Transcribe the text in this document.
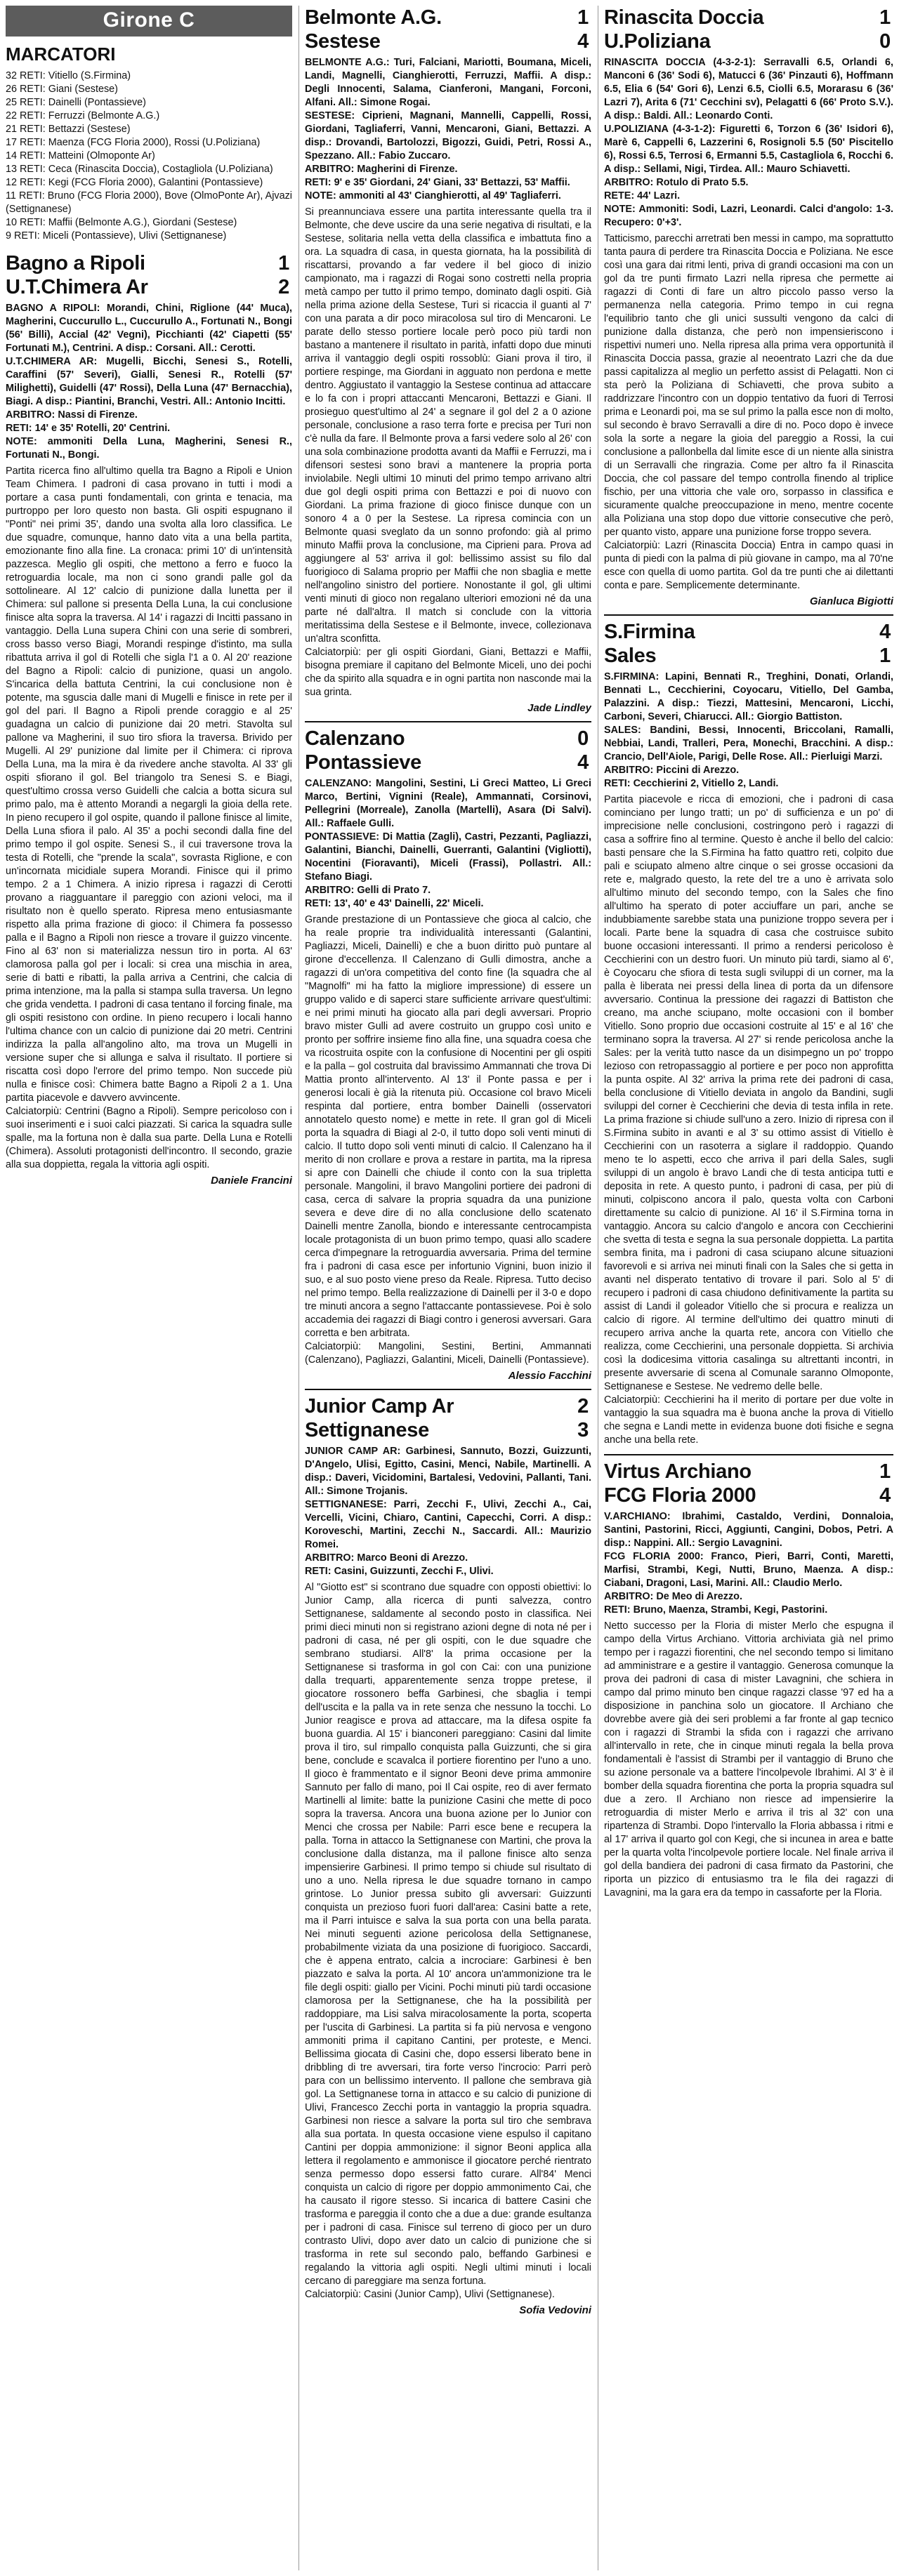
Girone C
MARCATORI

32 RETI: Vitiello (S.Firmina)

26 RETI: Giani (Sestese)

25 RETI: Dainelli (Pontassieve)

22 RETI: Ferruzzi (Belmonte A.G.)

21 RETI: Bettazzi (Sestese)

17 RETI: Maenza (FCG Floria 2000), Rossi (U.Poliziana)

14 RETI: Matteini (Olmoponte Ar)

13 RETI: Ceca (Rinascita Doccia), Costagliola (U.Poliziana)

12 RETI: Kegi (FCG Floria 2000), Galantini (Pontassieve)

11 RETI: Bruno (FCG Floria 2000), Bove (OlmoPonte Ar), Ajvazi (Settignanese)

10 RETI: Maffii (Belmonte A.G.), Giordani (Sestese)

9 RETI: Miceli (Pontassieve), Ulivi (Settignanese)

Bagno a Ripoli	1
U.T.Chimera Ar	2

BAGNO A RIPOLI: Morandi, Chini, Riglione (44' Muca), Magherini, Cuccurullo L., Cuccurullo A., Fortunati N., Bongi (56' Billi), Accial (42' Vegni), Picchianti (42' Ciapetti (55' Fortunati M.), Centrini. A disp.: Corsani. All.: Cerotti.

U.T.CHIMERA AR: Mugelli, Bicchi, Senesi S., Rotelli, Caraffini (57' Severi), Gialli, Senesi R., Rotelli (57' Milighetti), Guidelli (47' Rossi), Della Luna (47' Bernacchia), Biagi. A disp.: Piantini, Branchi, Vestri. All.: Antonio Incitti.

ARBITRO: Nassi di Firenze.

RETI: 14' e 35' Rotelli, 20' Centrini.

NOTE: ammoniti Della Luna, Magherini, Senesi R., Fortunati N., Bongi.

Partita ricerca fino all'ultimo quella tra Bagno a Ripoli e Union Team Chimera. I padroni di casa provano in tutti i modi a portare a casa punti fondamentali, con grinta e tenacia, ma purtroppo per loro questo non basta. Gli ospiti espugnano il "Ponti" nei primi 35', dando una svolta alla loro classifica. Le due squadre, comunque, hanno dato vita a una bella partita, emozionante fino alla fine. La cronaca: primi 10' di un'intensità pazzesca. Meglio gli ospiti, che mettono a ferro e fuoco la retroguardia locale, ma non ci sono grandi palle gol da sottolineare. Al 12' calcio di punizione dalla lunetta per il Chimera: sul pallone si presenta Della Luna, la cui conclusione finisce alta sopra la traversa. Al 14' i ragazzi di Incitti passano in vantaggio. Della Luna supera Chini con una serie di sombreri, cross basso verso Biagi, Morandi respinge d'istinto, ma sulla ribattuta arriva il gol di Rotelli che sigla l'1 a 0. Al 20' reazione del Bagno a Ripoli: calcio di punizione, quasi un angolo. S'incarica della battuta Centrini, la cui conclusione non è potente, ma sguscia dalle mani di Mugelli e finisce in rete per il gol del pari. Il Bagno a Ripoli prende coraggio e al 25' guadagna un calcio di punizione dai 20 metri. Stavolta sul pallone va Magherini, il suo tiro sfiora la traversa. Brivido per Mugelli. Al 29' punizione dal limite per il Chimera: ci riprova Della Luna, ma la mira è da rivedere anche stavolta. Al 33' gli ospiti sfiorano il gol. Bel triangolo tra Senesi S. e Biagi, quest'ultimo crossa verso Guidelli che calcia a botta sicura sul primo palo, ma è attento Morandi a negargli la gioia della rete. In pieno recupero il gol ospite, quando il pallone finisce al limite, Della Luna sfiora il palo. Al 35' a pochi secondi dalla fine del primo tempo il gol ospite. Senesi S., il cui traversone trova la testa di Rotelli, che "prende la scala", sovrasta Riglione, e con un'incornata micidiale supera Morandi. Finisce qui il primo tempo. 2 a 1 Chimera. A inizio ripresa i ragazzi di Cerotti provano a riagguantare il pareggio con azioni veloci, ma il risultato non è quello sperato. Ripresa meno entusiasmante rispetto alla prima frazione di gioco: il Chimera fa possesso palla e il Bagno a Ripoli non riesce a trovare il guizzo vincente. Fino al 63' non si materializza nessun tiro in porta. Al 63' clamorosa palla gol per i locali: si crea una mischia in area, serie di batti e ribatti, la palla arriva a Centrini, che calcia di prima intenzione, ma la palla si stampa sulla traversa. Un legno che grida vendetta. I padroni di casa tentano il forcing finale, ma gli ospiti resistono con ordine. In pieno recupero i locali hanno l'ultima chance con un calcio di punizione dai 20 metri. Centrini indirizza la palla all'angolino alto, ma trova un Mugelli in versione super che si allunga e salva il risultato. Il portiere si riscatta così dopo l'errore del primo tempo. Non succede più nulla e finisce così: Chimera batte Bagno a Ripoli 2 a 1. Una partita piacevole e davvero avvincente.

Calciatorpiù: Centrini (Bagno a Ripoli). Sempre pericoloso con i suoi inserimenti e i suoi calci piazzati. Si carica la squadra sulle spalle, ma la fortuna non è dalla sua parte. Della Luna e Rotelli (Chimera). Assoluti protagonisti dell'incontro. Il secondo, grazie alla sua doppietta, regala la vittoria agli ospiti.

Daniele Francini
Belmonte A.G.	1
Sestese	4

BELMONTE A.G.: Turi, Falciani, Mariotti, Boumana, Miceli, Landi, Magnelli, Cianghierotti, Ferruzzi, Maffii. A disp.: Degli Innocenti, Salama, Cianferoni, Mangani, Forconi, Alfani. All.: Simone Rogai.

SESTESE: Ciprieni, Magnani, Mannelli, Cappelli, Rossi, Giordani, Tagliaferri, Vanni, Mencaroni, Giani, Bettazzi. A disp.: Drovandi, Bartolozzi, Bigozzi, Guidi, Petri, Rossi A., Spezzano. All.: Fabio Zuccaro.

ARBITRO: Magherini di Firenze.

RETI: 9' e 35' Giordani, 24' Giani, 33' Bettazzi, 53' Maffii.

NOTE: ammoniti al 43' Cianghierotti, al 49' Tagliaferri.

Si preannunciava essere una partita interessante quella tra il Belmonte, che deve uscire da una serie negativa di risultati, e la Sestese, solitaria nella vetta della classifica e imbattuta fino a ora. La squadra di casa, in questa giornata, ha la possibilità di riscattarsi, provando a far vedere il bel gioco di inizio campionato, ma i ragazzi di Rogai sono costretti nella propria metà campo per tutto il primo tempo, dominato dagli ospiti. Già nella prima azione della Sestese, Turi si ricaccia il guanti al 7' con una parata a dir poco miracolosa sul tiro di Mencaroni. Le parate dello stesso portiere locale però poco più tardi non bastano a mantenere il risultato in parità, infatti dopo due minuti arriva il vantaggio degli ospiti rossoblù: Giani prova il tiro, il portiere respinge, ma Giordani in agguato non perdona e mette dentro. Aggiustato il vantaggio la Sestese continua ad attaccare e lo fa con i propri attaccanti Mencaroni, Bettazzi e Giani. Il prosieguo quest'ultimo al 24' a segnare il gol del 2 a 0 azione personale, conclusione a raso terra forte e precisa per Turi non c'è nulla da fare. Il Belmonte prova a farsi vedere solo al 26' con una sola combinazione prodotta avanti da Maffii e Ferruzzi, ma i difensori sestesi sono bravi a mantenere la propria porta inviolabile. Negli ultimi 10 minuti del primo tempo arrivano altri due gol degli ospiti prima con Bettazzi e poi di nuovo con Giordani. La prima frazione di gioco finisce dunque con un sonoro 4 a 0 per la Sestese. La ripresa comincia con un Belmonte quasi sveglato da un sonno profondo: già al primo minuto Maffii prova la conclusione, ma Ciprieni para. Prova ad aggiungere al 53' arriva il gol: bellissimo assist su filo dal fuorigioco di Salama proprio per Maffii che non sbaglia e mette nell'angolino sinistro del portiere. Nonostante il gol, gli ultimi venti minuti di gioco non regalano ulteriori emozioni né da una parte né dall'altra. Il match si conclude con la vittoria meritatissima della Sestese e il Belmonte, invece, collezionava un'altra sconfitta.

Calciatorpiù: per gli ospiti Giordani, Giani, Bettazzi e Maffii, bisogna premiare il capitano del Belmonte Miceli, uno dei pochi che da spirito alla squadra e in ogni partita non nasconde mai la sua grinta.

Jade Lindley
Calenzano	0
Pontassieve	4

CALENZANO: Mangolini, Sestini, Li Greci Matteo, Li Greci Marco, Bertini, Vignini (Reale), Ammannati, Corsinovi, Pellegrini (Morreale), Zanolla (Martelli), Asara (Di Salvi). All.: Raffaele Gulli.

PONTASSIEVE: Di Mattia (Zagli), Castri, Pezzanti, Pagliazzi, Galantini, Bianchi, Dainelli, Guerranti, Galantini (Vigliotti), Nocentini (Fioravanti), Miceli (Frassi), Pollastri. All.: Stefano Biagi.

ARBITRO: Gelli di Prato 7.

RETI: 13', 40' e 43' Dainelli, 22' Miceli.

Grande prestazione di un Pontassieve che gioca al calcio, che ha reale proprie tra individualità interessanti (Galantini, Pagliazzi, Miceli, Dainelli) e che a buon diritto può puntare al girone d'eccellenza. Il Calenzano di Gulli dimostra, anche a ragazzi di un'ora competitiva del conto fine (la squadra che al "Magnolfi" mi ha fatto la migliore impressione) di essere un gruppo valido e di saperci stare sufficiente arrivare quest'ultimi: e nei primi minuti ha giocato alla pari degli avversari. Proprio bravo mister Gulli ad avere costruito un gruppo così unito e pronto per soffrire insieme fino alla fine, una squadra coesa che va ricostruita ospite con la confusione di Nocentini per gli ospiti e la palla – gol costruita dal bravissimo Ammannati che trova Di Mattia pronto all'intervento. Al 13' il Ponte passa e per i generosi locali è già la ritenuta più. Occasione col bravo Miceli respinta dal portiere, entra bomber Dainelli (osservatori annotatelo questo nome) e mette in rete. Il gran gol di Miceli porta la squadra di Biagi al 2-0, il tutto dopo soli venti minuti di calcio. Il tutto dopo soli venti minuti di calcio. Il Calenzano ha il merito di non crollare e prova a restare in partita, ma la ripresa si apre con Dainelli che chiude il conto con la sua tripletta personale. Mangolini, il bravo Mangolini portiere dei padroni di casa, cerca di salvare la propria squadra da una punizione severa e deve dire di no alla conclusione dello scatenato Dainelli mentre Zanolla, biondo e interessante centrocampista locale protagonista di un buon primo tempo, quasi allo scadere cerca d'impegnare la retroguardia avversaria. Prima del termine fra i padroni di casa esce per infortunio Vignini, buon inizio il suo, e al suo posto viene preso da Reale. Ripresa. Tutto deciso nel primo tempo. Bella realizzazione di Dainelli per il 3-0 e dopo tre minuti ancora a segno l'attaccante pontassievese. Poi è solo accademia dei ragazzi di Biagi contro i generosi avversari. Gara corretta e ben arbitrata.

Calciatorpiù: Mangolini, Sestini, Bertini, Ammannati (Calenzano), Pagliazzi, Galantini, Miceli, Dainelli (Pontassieve).

Alessio Facchini
Junior Camp Ar	2
Settignanese	3

JUNIOR CAMP AR: Garbinesi, Sannuto, Bozzi, Guizzunti, D'Angelo, Ulisi, Egitto, Casini, Menci, Nabile, Martinelli. A disp.: Daveri, Vicidomini, Bartalesi, Vedovini, Pallanti, Tani. All.: Simone Trojanis.

SETTIGNANESE: Parri, Zecchi F., Ulivi, Zecchi A., Cai, Vercelli, Vicini, Chiaro, Cantini, Capecchi, Corri. A disp.: Koroveschi, Martini, Zecchi N., Saccardi. All.: Maurizio Romei.

ARBITRO: Marco Beoni di Arezzo.

RETI: Casini, Guizzunti, Zecchi F., Ulivi.

Al "Giotto est" si scontrano due squadre con opposti obiettivi: lo Junior Camp, alla ricerca di punti salvezza, contro Settignanese, saldamente al secondo posto in classifica. Nei primi dieci minuti non si registrano azioni degne di nota né per i padroni di casa, né per gli ospiti, con le due squadre che sembrano studiarsi. All'8' la prima occasione per la Settignanese si trasforma in gol con Cai: con una punizione dalla trequarti, apparentemente senza troppe pretese, il giocatore rossonero beffa Garbinesi, che sbaglia i tempi dell'uscita e la palla va in rete senza che nessuno la tocchi. Lo Junior reagisce e prova ad attaccare, ma la difesa ospite fa buona guardia. Al 15' i bianconeri pareggiano: Casini dal limite prova il tiro, sul rimpallo conquista palla Guizzunti, che si gira bene, conclude e scavalca il portiere fiorentino per l'uno a uno. Il gioco è frammentato e il signor Beoni deve prima ammonire Sannuto per fallo di mano, poi Il Cai ospite, reo di aver fermato Martinelli al limite: batte la punizione Casini che mette di poco sopra la traversa. Ancora una buona azione per lo Junior con Menci che crossa per Nabile: Parri esce bene e recupera la palla. Torna in attacco la Settignanese con Martini, che prova la conclusione dalla distanza, ma il pallone finisce alto senza impensierire Garbinesi. Il primo tempo si chiude sul risultato di uno a uno. Nella ripresa le due squadre tornano in campo grintose. Lo Junior pressa subito gli avversari: Guizzunti conquista un prezioso fuori fuori dall'area: Casini batte a rete, ma il Parri intuisce e salva la sua porta con una bella parata. Nei minuti seguenti azione pericolosa della Settignanese, probabilmente viziata da una posizione di fuorigioco. Saccardi, che è appena entrato, calcia a incrociare: Garbinesi è ben piazzato e salva la porta. Al 10' ancora un'ammonizione tra le file degli ospiti: giallo per Vicini. Pochi minuti più tardi occasione clamorosa per la Settignanese, che ha la possibilità per raddoppiare, ma Lisi salva miracolosamente la porta, scoperta per l'uscita di Garbinesi. La partita si fa più nervosa e vengono ammoniti prima il capitano Cantini, per proteste, e Menci. Bellissima giocata di Casini che, dopo essersi liberato bene in dribbling di tre avversari, tira forte verso l'incrocio: Parri però para con un bellissimo intervento. Il pallone che sembrava già gol. La Settignanese torna in attacco e su calcio di punizione di Ulivi, Francesco Zecchi porta in vantaggio la propria squadra. Garbinesi non riesce a salvare la porta sul tiro che sembrava alla sua portata. In questa occasione viene espulso il capitano Cantini per doppia ammonizione: il signor Beoni applica alla lettera il regolamento e ammonisce il giocatore perché rientrato senza permesso dopo essersi fatto curare. All'84' Menci conquista un calcio di rigore per doppio ammonimento Cai, che ha causato il rigore stesso. Si incarica di battere Casini che trasforma e pareggia il conto che a due a due: grande esultanza per i padroni di casa. Finisce sul terreno di gioco per un duro contrasto Ulivi, dopo aver dato un calcio di punizione che si trasforma in rete sul secondo palo, beffando Garbinesi e regalando la vittoria agli ospiti. Negli ultimi minuti i locali cercano di pareggiare ma senza fortuna.

Calciatorpiù: Casini (Junior Camp), Ulivi (Settignanese).

Sofia Vedovini
Rinascita Doccia	1
U.Poliziana	0

RINASCITA DOCCIA (4-3-2-1): Serravalli 6.5, Orlandi 6, Manconi 6 (36' Sodi 6), Matucci 6 (36' Pinzauti 6), Hoffmann 6.5, Elia 6 (54' Gori 6), Lenzi 6.5, Ciolli 6.5, Morarasu 6 (36' Lazri 7), Arita 6 (71' Cecchini sv), Pelagatti 6 (66' Proto S.V.). A disp.: Baldi. All.: Leonardo Conti.

U.POLIZIANA (4-3-1-2): Figuretti 6, Torzon 6 (36' Isidori 6), Marè 6, Cappelli 6, Lazzerini 6, Rosignoli 5.5 (50' Piscitello 6), Rossi 6.5, Terrosi 6, Ermanni 5.5, Castagliola 6, Rocchi 6. A disp.: Sellami, Nigi, Tirdea. All.: Mauro Schiavetti.

ARBITRO: Rotulo di Prato 5.5.

RETE: 44' Lazri.

NOTE: Ammoniti: Sodi, Lazri, Leonardi. Calci d'angolo: 1-3. Recupero: 0'+3'.

Tatticismo, parecchi arretrati ben messi in campo, ma soprattutto tanta paura di perdere tra Rinascita Doccia e Poliziana. Ne esce così una gara dai ritmi lenti, priva di grandi occasioni ma con un gol da tre punti firmato Lazri nella ripresa che permette ai ragazzi di Conti di fare un altro piccolo passo verso la permanenza nella categoria. Primo tempo in cui regna l'equilibrio tanto che gli unici sussulti vengono da calci di punizione dalla distanza, che però non impensieriscono i rispettivi numeri uno. Nella ripresa alla prima vera opportunità il Rinascita Doccia passa, grazie al neoentrato Lazri che da due passi capitalizza al meglio un perfetto assist di Pelagatti. Non ci sta però la Poliziana di Schiavetti, che prova subito a raddrizzare l'incontro con un doppio tentativo da fuori di Terrosi prima e Leonardi poi, ma se sul primo la palla esce non di molto, sul secondo è bravo Serravalli a dire di no. Poco dopo è invece sola la sorte a negare la gioia del pareggio a Rossi, la cui conclusione a pallonbella dal limite esce di un niente alla sinistra di un Serravalli che ringrazia. Come per altro fa il Rinascita Doccia, che col passare del tempo controlla finendo al triplice fischio, per una vittoria che vale oro, sorpasso in classifica e sicuramente qualche preoccupazione in meno, mentre cocente alla Poliziana una stop dopo due vittorie consecutive che però, per quanto visto, appare una punizione forse troppo severa.

Calciatorpiù: Lazri (Rinascita Doccia) Entra in campo quasi in punta di piedi con la palma di più giovane in campo, ma al 70'ne esce con quella di uomo partita. Gol da tre punti che ai dilettanti conta e pare. Semplicemente determinante.

Gianluca Bigiotti
S.Firmina	4
Sales	1

S.FIRMINA: Lapini, Bennati R., Treghini, Donati, Orlandi, Bennati L., Cecchierini, Coyocaru, Vitiello, Del Gamba, Palazzini. A disp.: Tiezzi, Mattesini, Mencaroni, Licchi, Carboni, Severi, Chiarucci. All.: Giorgio Battiston.

SALES: Bandini, Bessi, Innocenti, Briccolani, Ramalli, Nebbiai, Landi, Tralleri, Pera, Monechi, Bracchini. A disp.: Crancio, Dell'Aiole, Parigi, Delle Rose. All.: Pierluigi Marzi.

ARBITRO: Piccini di Arezzo.

RETI: Cecchierini 2, Vitiello 2, Landi.

Partita piacevole e ricca di emozioni, che i padroni di casa cominciano per lungo tratti; un po' di sufficienza e un po' di imprecisione nelle conclusioni, costringono però i ragazzi di casa a soffrire fino al termine. Questo è anche il bello del calcio: basti pensare che la S.Firmina ha fatto quattro reti, colpito due pali e sciupato almeno altre cinque o sei grosse occasioni da rete e, malgrado questo, la rete del tre a uno è arrivata solo all'ultimo minuto del secondo tempo, con la Sales che fino all'ultimo ha sperato di poter acciuffare un pari, anche se indubbiamente sarebbe stata una punizione troppo severa per i locali. Parte bene la squadra di casa che costruisce subito buone occasioni interessanti. Il primo a rendersi pericoloso è Cecchierini con un destro fuori. Un minuto più tardi, siamo al 6', è Coyocaru che sfiora di testa sugli sviluppi di un corner, ma la palla è liberata nei pressi della linea di porta da un difensore avversario. Continua la pressione dei ragazzi di Battiston che creano, ma anche sciupano, molte occasioni con il bomber Vitiello. Sono proprio due occasioni costruite al 15' e al 16' che terminano sopra la traversa. Al 27' si rende pericolosa anche la Sales: per la verità tutto nasce da un disimpegno un po' troppo lezioso con retropassaggio al portiere e per poco non approfitta la punta ospite. Al 32' arriva la prima rete dei padroni di casa, bella conclusione di Vitiello deviata in angolo da Bandini, sugli sviluppi del corner è Cecchierini che devia di testa infila in rete. La prima frazione si chiude sull'uno a zero. Inizio di ripresa con il S.Firmina subito in avanti e al 3' su ottimo assist di Vitiello è Cecchierini con un rasoterra a siglare il raddoppio. Quando meno te lo aspetti, ecco che arriva il pari della Sales, sugli sviluppi di un angolo è bravo Landi che di testa anticipa tutti e deposita in rete. A questo punto, i padroni di casa, per più di minuti, colpiscono ancora il palo, questa volta con Carboni direttamente su calcio di punizione. Al 16' il S.Firmina torna in vantaggio. Ancora su calcio d'angolo e ancora con Cecchierini che svetta di testa e segna la sua personale doppietta. La partita sembra finita, ma i padroni di casa sciupano alcune situazioni favorevoli e si arriva nei minuti finali con la Sales che si getta in avanti nel disperato tentativo di trovare il pari. Solo al 5' di recupero i padroni di casa chiudono definitivamente la partita su assist di Landi il goleador Vitiello che si procura e realizza un calcio di rigore. Al termine dell'ultimo dei quattro minuti di recupero arriva anche la quarta rete, ancora con Vitiello che realizza, come Cecchierini, una personale doppietta. Si archivia così la dodicesima vittoria casalinga su altrettanti incontri, in presente avversarie di scena al Comunale saranno Olmoponte, Settignanese e Sestese. Ne vedremo delle belle.

Calciatorpiù: Cecchierini ha il merito di portare per due volte in vantaggio la sua squadra ma è buona anche la prova di Vitiello che segna e Landi mette in evidenza buone doti fisiche e segna anche una bella rete.

Virtus Archiano	1
FCG Floria 2000	4

V.ARCHIANO: Ibrahimi, Castaldo, Verdini, Donnaloia, Santini, Pastorini, Ricci, Aggiunti, Cangini, Dobos, Petri. A disp.: Nappini. All.: Sergio Lavagnini.

FCG FLORIA 2000: Franco, Pieri, Barri, Conti, Maretti, Marfisi, Strambi, Kegi, Nutti, Bruno, Maenza. A disp.: Ciabani, Dragoni, Lasi, Marini. All.: Claudio Merlo.

ARBITRO: De Meo di Arezzo.

RETI: Bruno, Maenza, Strambi, Kegi, Pastorini.

Netto successo per la Floria di mister Merlo che espugna il campo della Virtus Archiano. Vittoria archiviata già nel primo tempo per i ragazzi fiorentini, che nel secondo tempo si limitano ad amministrare e a gestire il vantaggio. Generosa comunque la prova dei padroni di casa di mister Lavagnini, che schiera in campo dal primo minuto ben cinque ragazzi classe '97 ed ha a disposizione in panchina solo un giocatore. Il Archiano che dovrebbe avere già dei seri problemi a far fronte al gap tecnico con i ragazzi di Strambi la sfida con i ragazzi che arrivano all'intervallo in rete, che in cinque minuti regala la bella prova fondamentali è l'assist di Strambi per il vantaggio di Bruno che su azione personale va a battere l'incolpevole Ibrahimi. Al 3' è il bomber della squadra fiorentina che porta la propria squadra sul due a zero. Il Archiano non riesce ad impensierire la retroguardia di mister Merlo e arriva il tris al 32' con una ripartenza di Strambi. Dopo l'intervallo la Floria abbassa i ritmi e al 17' arriva il quarto gol con Kegi, che si incunea in area e batte per la quarta volta l'incolpevole portiere locale. Nel finale arriva il gol della bandiera dei padroni di casa firmato da Pastorini, che riporta un pizzico di entusiasmo tra le fila dei ragazzi di Lavagnini, ma la gara era da tempo in cassaforte per la Floria.
